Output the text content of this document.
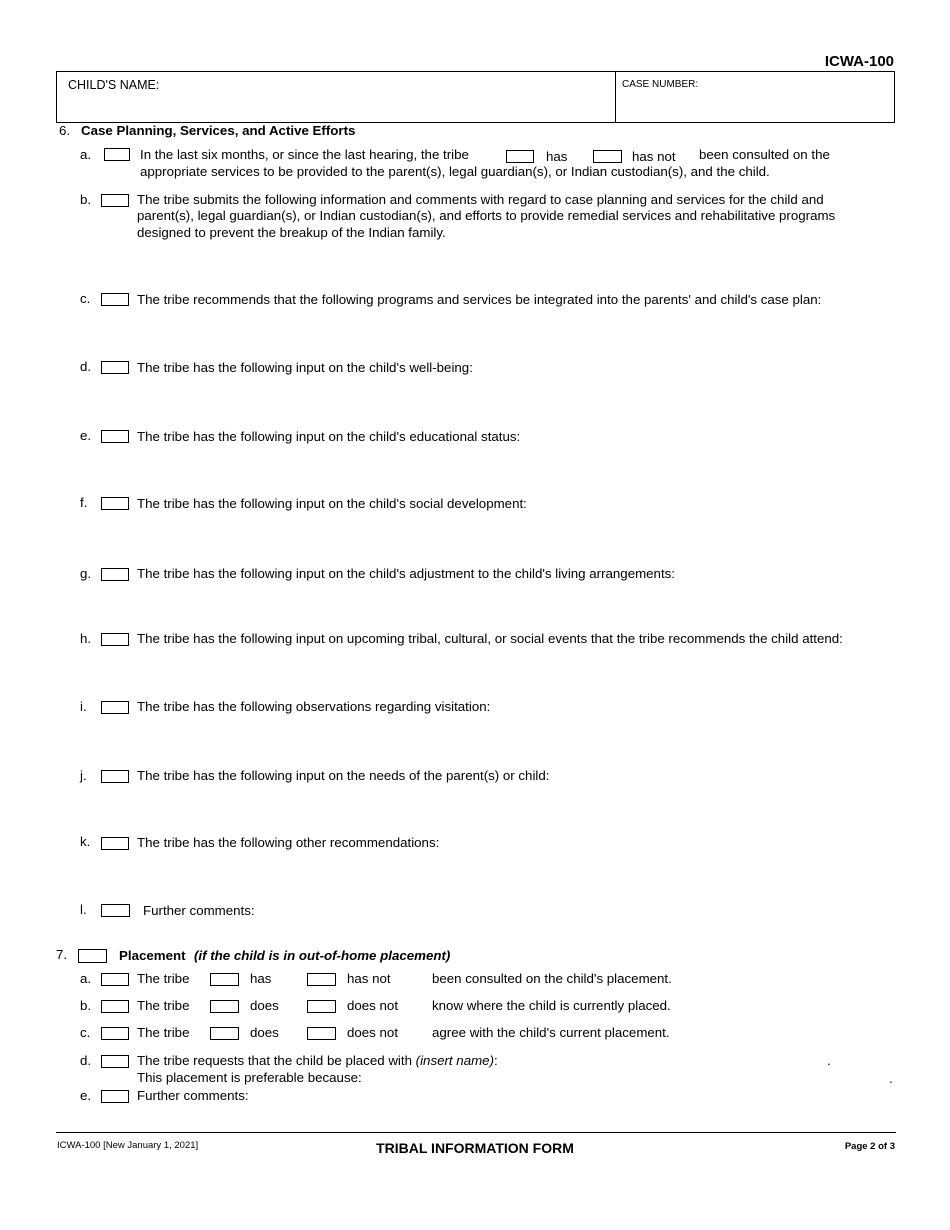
ICWA-100
CHILD'S NAME:	CASE NUMBER:
6. Case Planning, Services, and Active Efforts
a.	In the last six months, or since the last hearing, the tribe	has	has not been consulted on the
appropriate services to be provided to the parent(s), legal guardian(s), or Indian custodian(s), and the child.
b.	The tribe submits the following information and comments with regard to case planning and services for the child and
parent(s), legal guardian(s), or Indian custodian(s), and efforts to provide remedial services and rehabilitative programs
designed to prevent the breakup of the Indian family.
c.	The tribe recommends that the following programs and services be integrated into the parents' and child's case plan:
d.	The tribe has the following input on the child's well-being:
e.	The tribe has the following input on the child's educational status:
f.	The tribe has the following input on the child's social development:
g.	The tribe has the following input on the child's adjustment to the child's living arrangements:
h.	The tribe has the following input on upcoming tribal, cultural, or social events that the tribe recommends the child attend:
i.	The tribe has the following observations regarding visitation:
j.	The tribe has the following input on the needs of the parent(s) or child:
k.	The tribe has the following other recommendations:
l.	Further comments:
7.	Placement (if the child is in out-of-home placement)
a.	The tribe	has	has not	been consulted on the child's placement.
b.	The tribe	does	does not	know where the child is currently placed.
c.	The tribe	does	does not	agree with the child's current placement.
d.	The tribe requests that the child be placed with (insert name):	.
This placement is preferable because:	.
e.	Further comments:
ICWA-100 [New January 1, 2021]	TRIBAL INFORMATION FORM	Page 2 of 3
